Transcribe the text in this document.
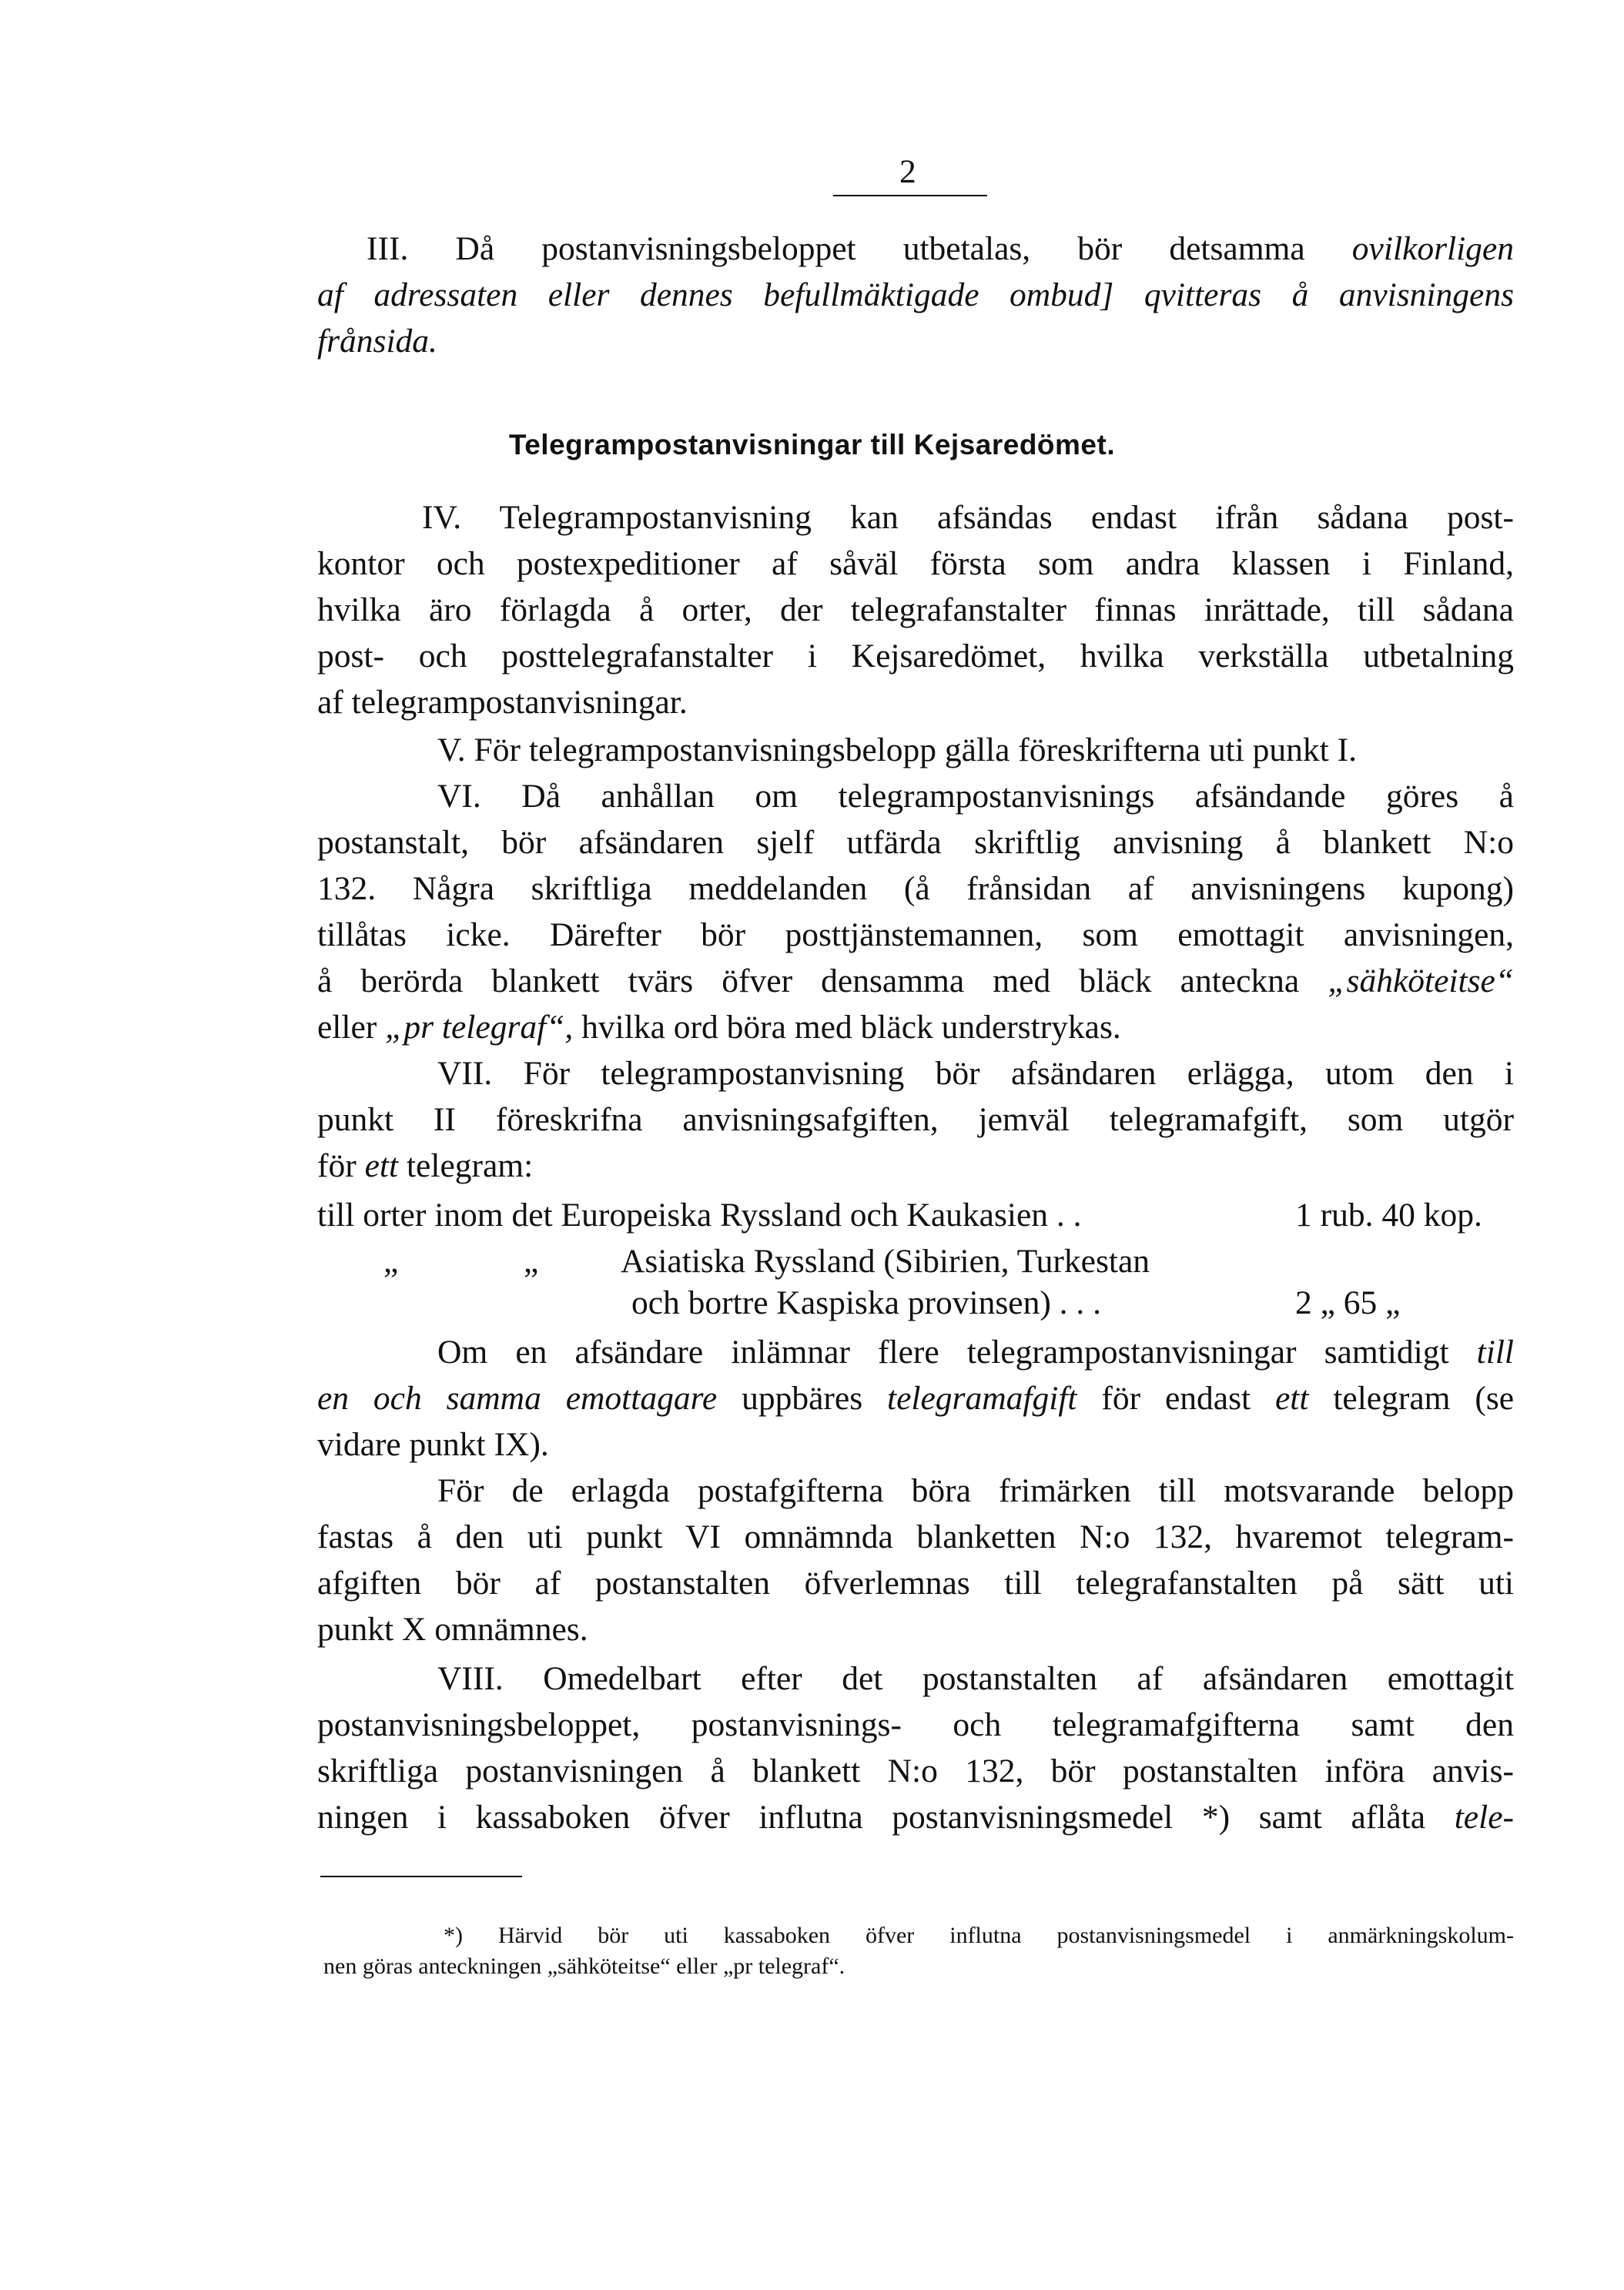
2
III. Då postanvisningsbeloppet utbetalas, bör detsamma ovilkorligen
af adressaten eller dennes befullmäktigade ombud] qvitteras å anvisningens
frånsida.
Telegrampostanvisningar till Kejsaredömet.
IV. Telegrampostanvisning kan afsändas endast ifrån sådana post-
kontor och postexpeditioner af såväl första som andra klassen i Finland,
hvilka äro förlagda å orter, der telegrafanstalter finnas inrättade, till sådana
post- och posttelegrafanstalter i Kejsaredömet, hvilka verkställa utbetalning
af telegrampostanvisningar.
V. För telegrampostanvisningsbelopp gälla föreskrifterna uti punkt I.
VI. Då anhållan om telegrampostanvisnings afsändande göres å
postanstalt, bör afsändaren sjelf utfärda skriftlig anvisning å blankett N:o
132. Några skriftliga meddelanden (å frånsidan af anvisningens kupong)
tillåtas icke. Därefter bör posttjänstemannen, som emottagit anvisningen,
å berörda blankett tvärs öfver densamma med bläck anteckna „sähköteitse“
eller „pr telegraf“, hvilka ord böra med bläck understrykas.
VII. För telegrampostanvisning bör afsändaren erlägga, utom den i
punkt II föreskrifna anvisningsafgiften, jemväl telegramafgift, som utgör
för ett telegram:
till orter inom det Europeiska Ryssland och Kaukasien . .	1 rub. 40 kop.
„	„ Asiatiska Ryssland (Sibirien, Turkestan
och bortre Kaspiska provinsen) . . .	2 „ 65 „
Om en afsändare inlämnar flere telegrampostanvisningar samtidigt till
en och samma emottagare uppbäres telegramafgift för endast ett telegram (se
vidare punkt IX).
För de erlagda postafgifterna böra frimärken till motsvarande belopp
fastas å den uti punkt VI omnämnda blanketten N:o 132, hvaremot telegram-
afgiften bör af postanstalten öfverlemnas till telegrafanstalten på sätt uti
punkt X omnämnes.
VIII. Omedelbart efter det postanstalten af afsändaren emottagit
postanvisningsbeloppet, postanvisnings- och telegramafgifterna samt den
skriftliga postanvisningen å blankett N:o 132, bör postanstalten införa anvis-
ningen i kassaboken öfver influtna postanvisningsmedel *) samt aflåta tele-
*) Härvid bör uti kassaboken öfver influtna postanvisningsmedel i anmärkningskolum-
nen göras anteckningen „sähköteitse“ eller „pr telegraf“.
